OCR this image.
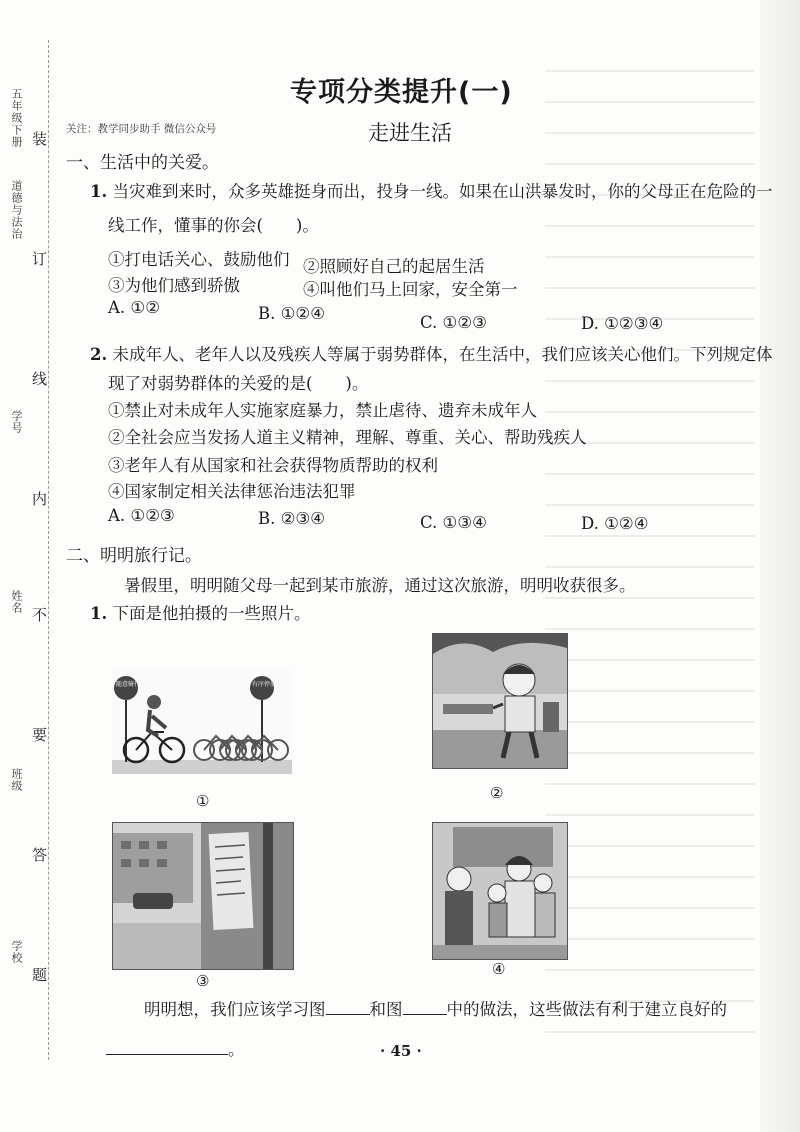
五年级下册
道德与法治
学号
姓名
班级
学校
装
订
线
内
不
要
答
题
专项分类提升(一)
关注：教学同步助手 微信公众号	走进生活
一、生活中的关爱。
1. 当灾难到来时，众多英雄挺身而出，投身一线。如果在山洪暴发时，你的父母正在危险的一
线工作，懂事的你会(　　)。
①打电话关心、鼓励他们 ②照顾好自己的起居生活
③为他们感到骄傲	④叫他们马上回家，安全第一
A. ①②	B. ①②④	C. ①②③	D. ①②③④
2. 未成年人、老年人以及残疾人等属于弱势群体，在生活中，我们应该关心他们。下列规定体
现了对弱势群体的关爱的是(　　)。
①禁止对未成年人实施家庭暴力，禁止虐待、遗弃未成年人
②全社会应当发扬人道主义精神，理解、尊重、关心、帮助残疾人
③老年人有从国家和社会获得物质帮助的权利
④国家制定相关法律惩治违法犯罪
A. ①②③	B. ②③④	C. ①③④	D. ①②④
二、明明旅行记。
暑假里，明明随父母一起到某市旅游，通过这次旅游，明明收获很多。
1. 下面是他拍摄的一些照片。
随意骑行	有序停放
①	②
③
④
明明想，我们应该学习图	和图	中的做法，这些做法有利于建立良好的
。	· 45 ·
